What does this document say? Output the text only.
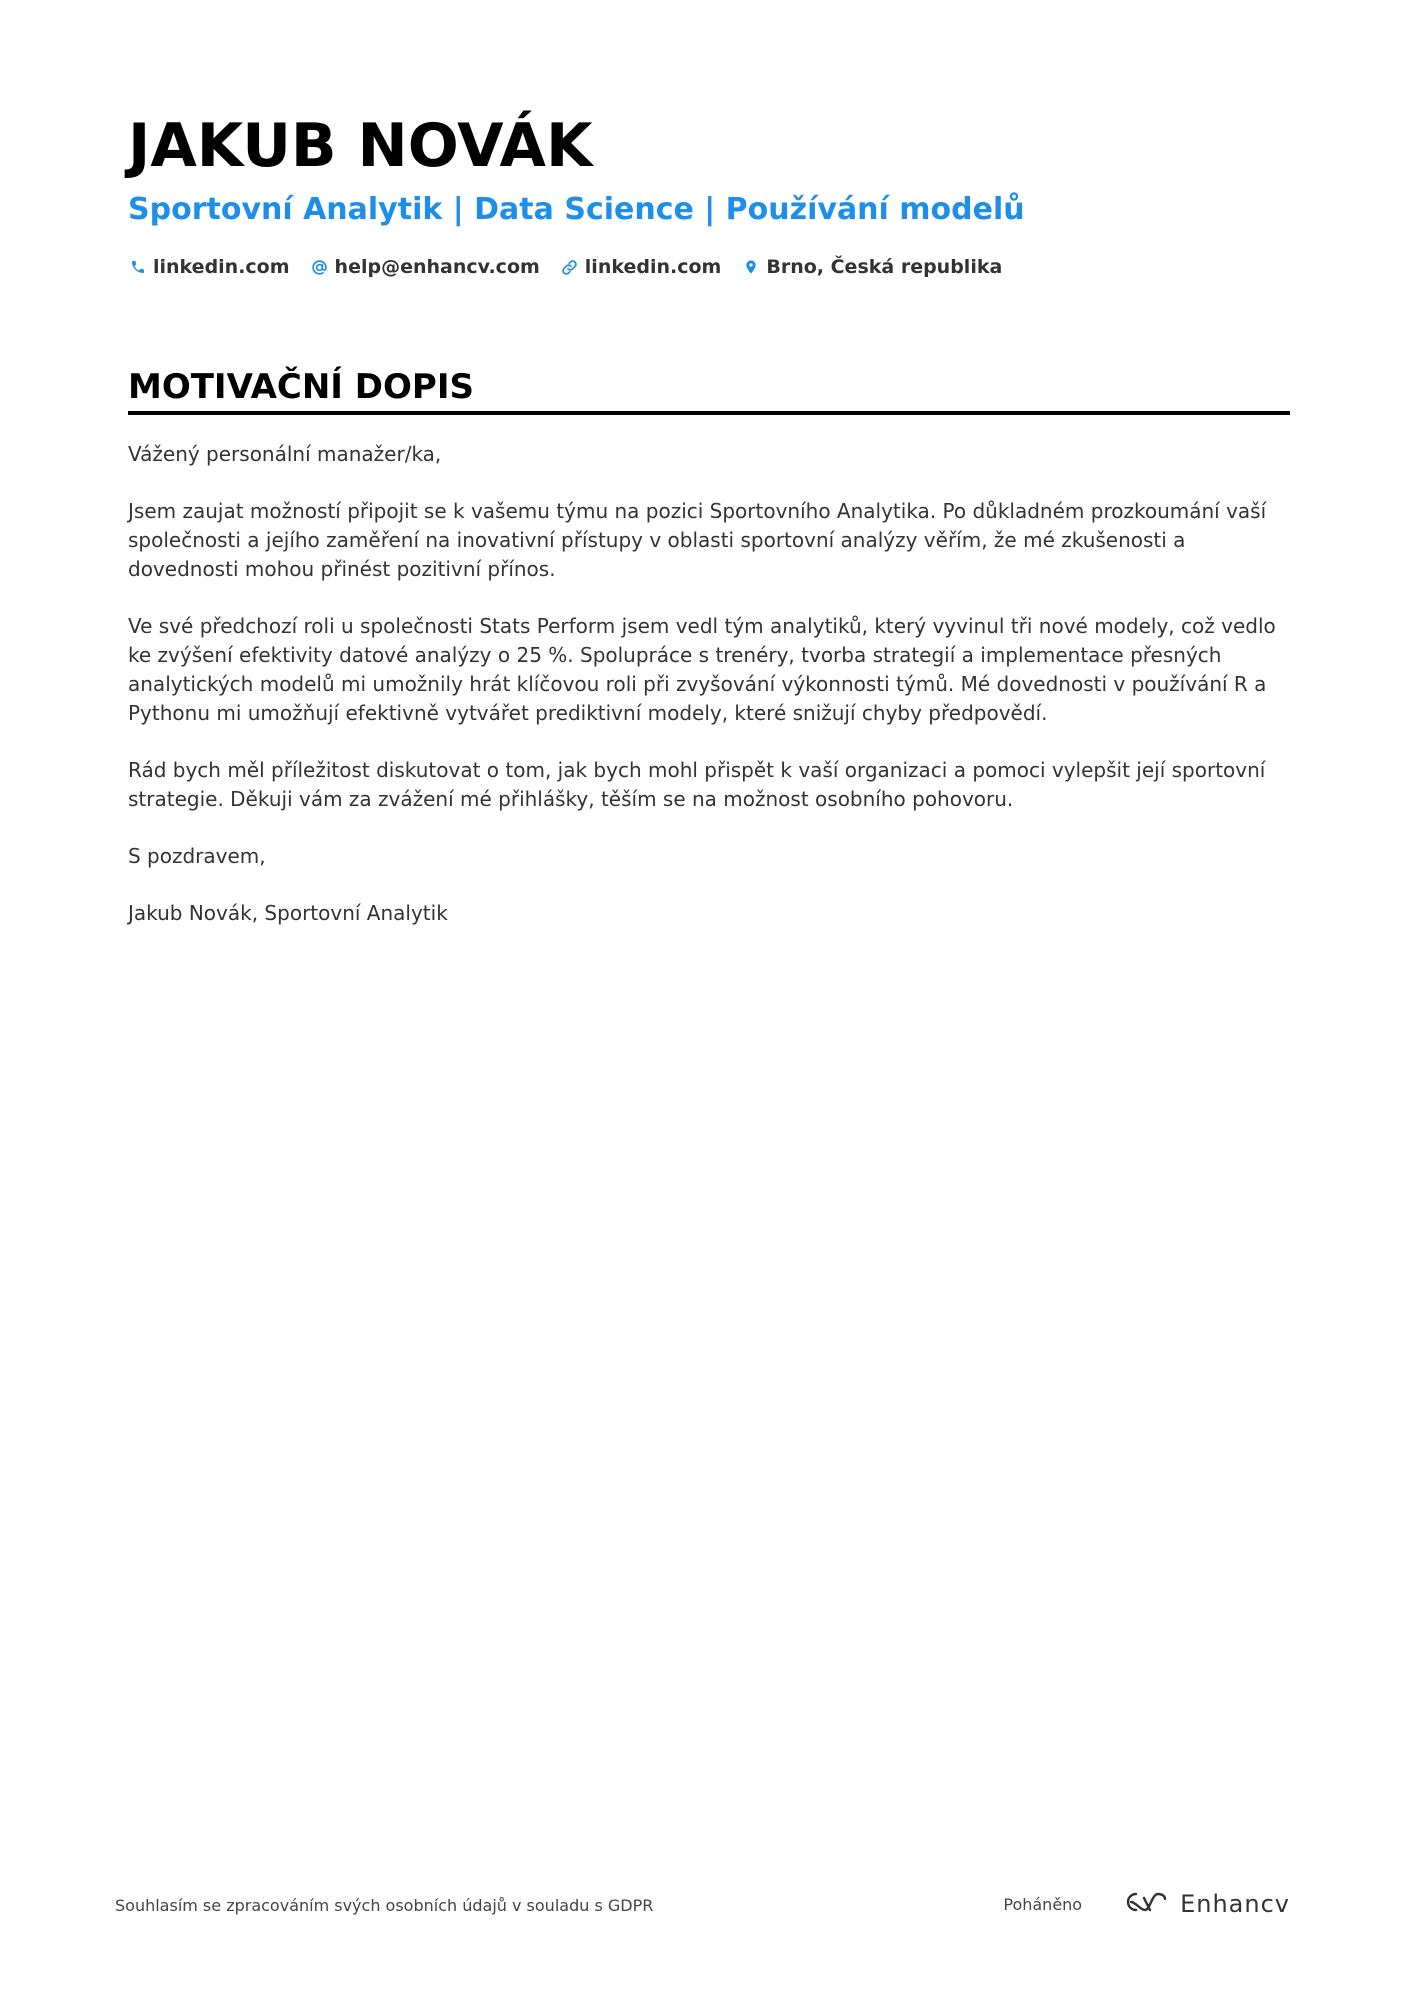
JAKUB NOVÁK
Sportovní Analytik | Data Science | Používání modelů
linkedin.com help@enhancv.com linkedin.com Brno, Česká republika
MOTIVAČNÍ DOPIS

Vážený personální manažer/ka,

Jsem zaujat možností připojit se k vašemu týmu na pozici Sportovního Analytika. Po důkladném prozkoumání vaší společnosti a jejího zaměření na inovativní přístupy v oblasti sportovní analýzy věřím, že mé zkušenosti a dovednosti mohou přinést pozitivní přínos.

Ve své předchozí roli u společnosti Stats Perform jsem vedl tým analytiků, který vyvinul tři nové modely, což vedlo ke zvýšení efektivity datové analýzy o 25 %. Spolupráce s trenéry, tvorba strategií a implementace přesných analytických modelů mi umožnily hrát klíčovou roli při zvyšování výkonnosti týmů. Mé dovednosti v používání R a Pythonu mi umožňují efektivně vytvářet prediktivní modely, které snižují chyby předpovědí.

Rád bych měl příležitost diskutovat o tom, jak bych mohl přispět k vaší organizaci a pomoci vylepšit její sportovní strategie. Děkuji vám za zvážení mé přihlášky, těším se na možnost osobního pohovoru.

S pozdravem,

Jakub Novák, Sportovní Analytik

Souhlasím se zpracováním svých osobních údajů v souladu s GDPR	Poháněno	Enhancv
